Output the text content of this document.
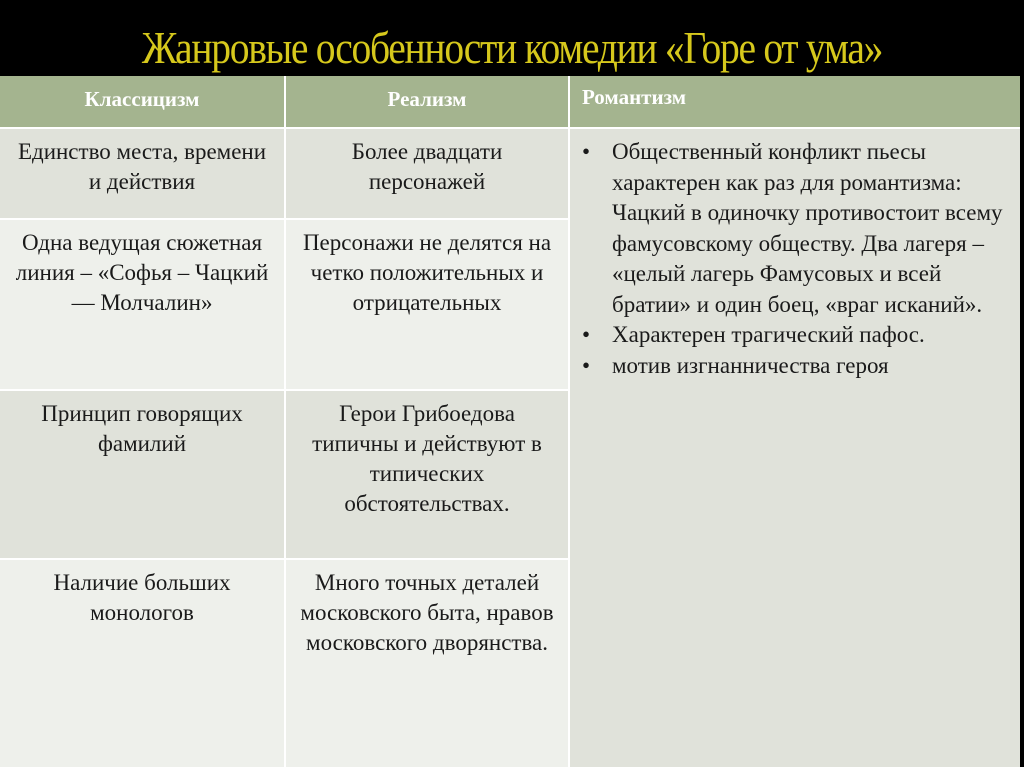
Жанровые особенности комедии «Горе от ума»
Классицизм	Реализм	Романтизм
Единство места, времени и действия
Более двадцати персонажей
Одна ведущая сюжетная линия – «Софья – Чацкий — Молчалин»
Персонажи не делятся на четко положительных и отрицательных
Принцип говорящих фамилий
Герои Грибоедова типичны и действуют в типических обстоятельствах.
Наличие больших монологов
Много точных деталей московского быта, нравов московского дворянства.
• Общественный конфликт пьесы характерен как раз для романтизма: Чацкий в одиночку противостоит всему фамусовскому обществу. Два лагеря – «целый лагерь Фамусовых и всей братии» и один боец, «враг исканий».
• Характерен трагический пафос.
• мотив изгнанничества героя
